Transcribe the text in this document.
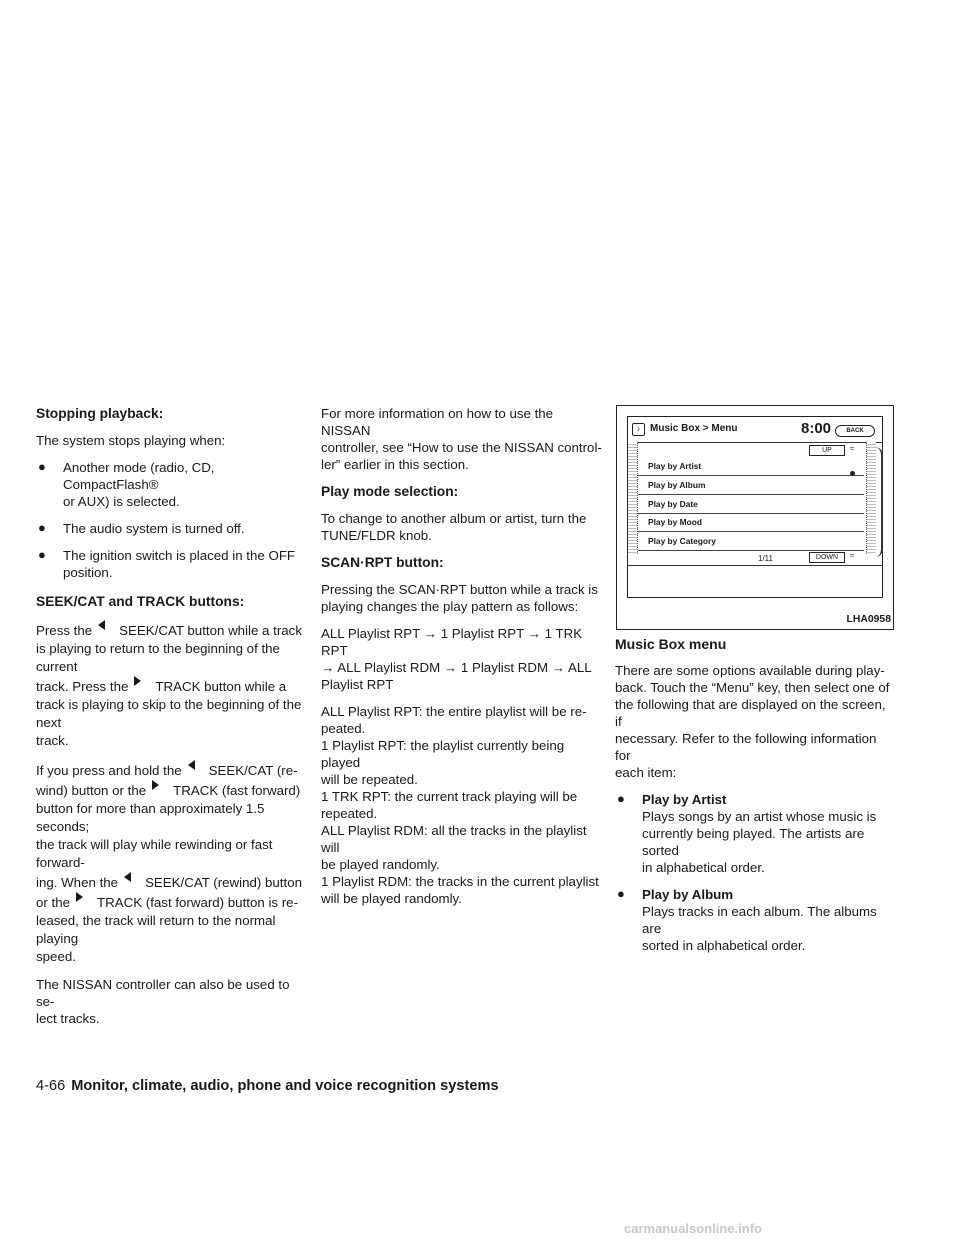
Stopping playback:

The system stops playing when:

● Another mode (radio, CD, CompactFlash®
or AUX) is selected.
● The audio system is turned off.
● The ignition switch is placed in the OFF
position.
SEEK/CAT and TRACK buttons:

Press the SEEK/CAT button while a track
is playing to return to the beginning of the current
track. Press the TRACK button while a
track is playing to skip to the beginning of the next
track.

If you press and hold the SEEK/CAT (re-
wind) button or the TRACK (fast forward)
button for more than approximately 1.5 seconds;
the track will play while rewinding or fast forward-
ing. When the SEEK/CAT (rewind) button
or the TRACK (fast forward) button is re-
leased, the track will return to the normal playing
speed.

The NISSAN controller can also be used to se-
lect tracks.

For more information on how to use the NISSAN
controller, see “How to use the NISSAN control-
ler” earlier in this section.

Play mode selection:

To change to another album or artist, turn the
TUNE/FLDR knob.

SCAN·RPT button:

Pressing the SCAN·RPT button while a track is
playing changes the play pattern as follows:

ALL Playlist RPT → 1 Playlist RPT → 1 TRK RPT
→ ALL Playlist RDM → 1 Playlist RDM → ALL
Playlist RPT

ALL Playlist RPT: the entire playlist will be re-
peated.
1 Playlist RPT: the playlist currently being played
will be repeated.
1 TRK RPT: the current track playing will be
repeated.
ALL Playlist RDM: all the tracks in the playlist will
be played randomly.
1 Playlist RDM: the tracks in the current playlist
will be played randomly.

♪ Music Box > Menu	8:00	BACK
UP	≈
Play by Artist
Play by Album
Play by Date
Play by Mood
Play by Category
1/11	DOWN	≈
LHA0958
Music Box menu

There are some options available during play-
back. Touch the “Menu” key, then select one of
the following that are displayed on the screen, if
necessary. Refer to the following information for
each item:

● Play by Artist
Plays songs by an artist whose music is
currently being played. The artists are sorted
in alphabetical order.
● Play by Album
Plays tracks in each album. The albums are
sorted in alphabetical order.
4-66 Monitor, climate, audio, phone and voice recognition systems
carmanualsonline.info
